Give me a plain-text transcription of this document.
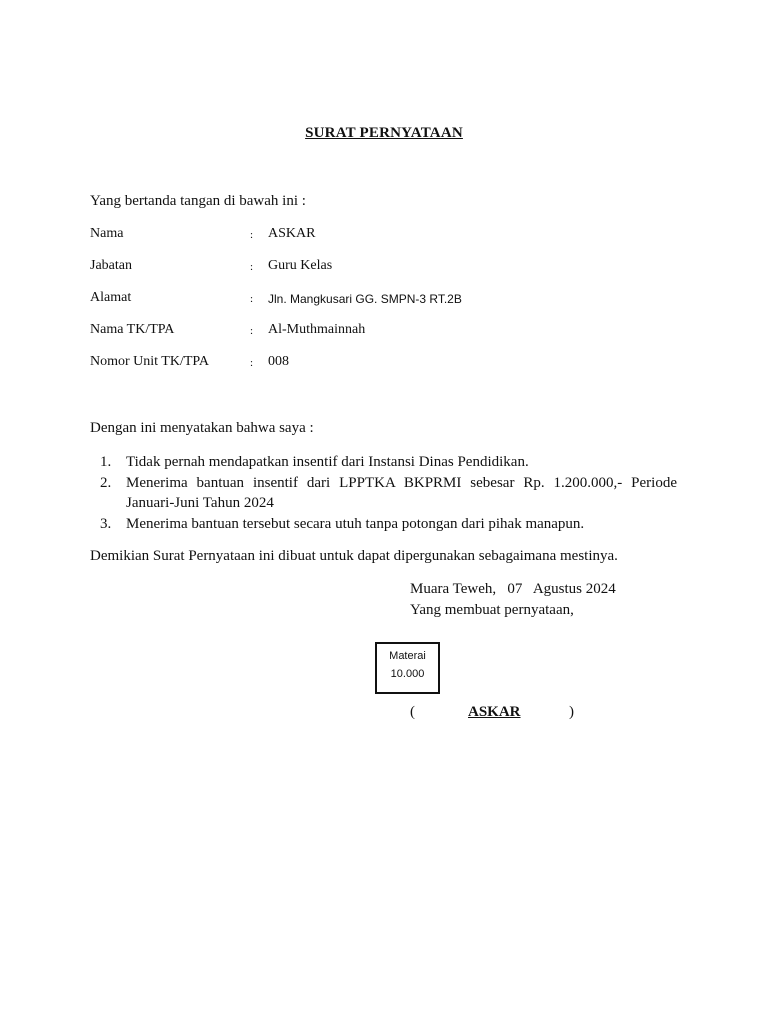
SURAT PERNYATAAN
Yang bertanda tangan di bawah ini :
Nama	: ASKAR
Jabatan	: Guru Kelas
Alamat	: Jln. Mangkusari GG. SMPN-3 RT.2B
Nama TK/TPA	: Al-Muthmainnah
Nomor Unit TK/TPA	: 008
Dengan ini menyatakan bahwa saya :
1. Tidak pernah mendapatkan insentif dari Instansi Dinas Pendidikan.
2. Menerima bantuan insentif dari LPPTKA BKPRMI sebesar Rp. 1.200.000,- Periode Januari-Juni Tahun 2024
3. Menerima bantuan tersebut secara utuh tanpa potongan dari pihak manapun.
Demikian Surat Pernyataan ini dibuat untuk dapat dipergunakan sebagaimana mestinya.
Muara Teweh,   07   Agustus 2024
Yang membuat pernyataan,
Materai
10.000
(	ASKAR	)
